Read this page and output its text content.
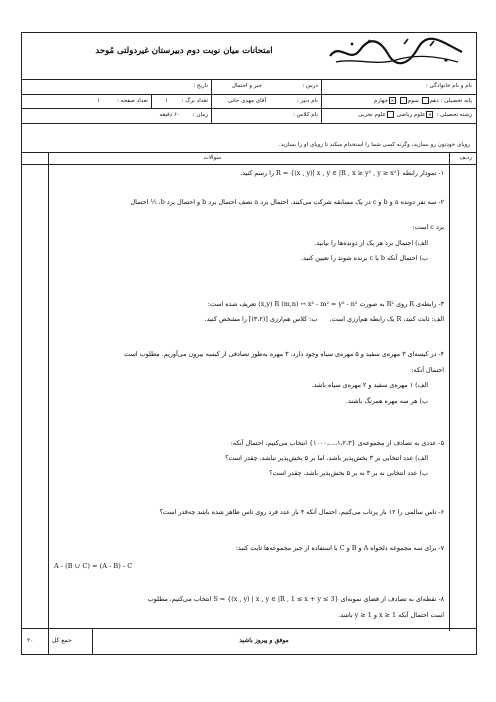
امتحانات میان نوبت دوم دبیرستان غیردولتی مُوحد
نام و نام خانوادگی :
درس :
جبر و احتمال
تاریخ :
پایه تحصیلی : دهم سوم ✕چهارم
نام دبیر :
آقای مهدی خانی
تعداد برگ :
۱
تعداد صفحه :
۱
رشته تحصیلی : ✕علوم ریاضی علوم تجربی
نام کلاس :
زمان :
۶۰ دقیقه
رویای خودتون رو بسازید، وگرنه کسی شما را استخدام میکند تا رویای او را بسازید.
ردیف
سوالات
۱- نمودار رابطه R = {(x , y)| x , y ∈ |R , x ≥ y² , y ≥ x²} را رسم کنید.
۲- سه نفر دونده a و b و c در یک مسابقه شرکت می‌کنند. احتمال برد a نصف احتمال برد b و احتمال برد b، ½ احتمال
برد c است:
الف) احتمال برد هر یک از دونده‌ها را بیابید.
ب) احتمال آنکه b یا c برنده شوند را تعیین کنید.
۳- رابطه‌ی R روی R² به صورت (x,y) R (m,n) ↔ x² - m² = y² - n² تعریف شده است:
الف: ثابت کنید، R یک رابطه هم‌ارزی است.      ب: کلاس هم‌ارزی [(۳،۲)] را مشخص کنید.
۴- در کیسه‌ای ۳ مهره‌ی سفید و ۵ مهره‌ی سیاه وجود دارد. ۳ مهره به‌طور تصادفی از کیسه بیرون می‌آوریم. مطلوب است
احتمال آنکه:
الف) ۱ مهره‌ی سفید و ۲ مهره‌ی سیاه باشد.
ب) هر سه مهره همرنگ باشند.
۵- عددی به تصادف از مجموعه‌ی {۱،۲،۳،...،۱۰۰۰} انتخاب می‌کنیم، احتمال آنکه:
الف) عدد انتخابی بر ۳ بخش‌پذیر باشد، اما بر ۵ بخش‌پذیر نباشد، چقدر است؟
ب) عدد انتخابی نه بر ۳ نه بر ۵ بخش‌پذیر باشد، چقدر است؟
۶- تاس سالمی را ۱۲ بار پرتاب می‌کنیم، احتمال آنکه ۴ بار عدد فرد روی تاس ظاهر شده باشد چه‌قدر است؟
۷- برای سه مجموعه دلخواه A و B و C با استفاده از جبر مجموعه‌ها ثابت کنید:
A - (B ∪ C) = (A - B) - C
۸- نقطه‌ای به تصادف از فضای نمونه‌ای S = {(x , y) | x , y ∈ |R , 1 ≤ x + y ≤ 3} انتخاب می‌کنیم، مطلوب
است احتمال آنکه 1 ≤ x و 1 ≤ y باشد.
موفق و پیروز باشید
جمع کل
۲۰
